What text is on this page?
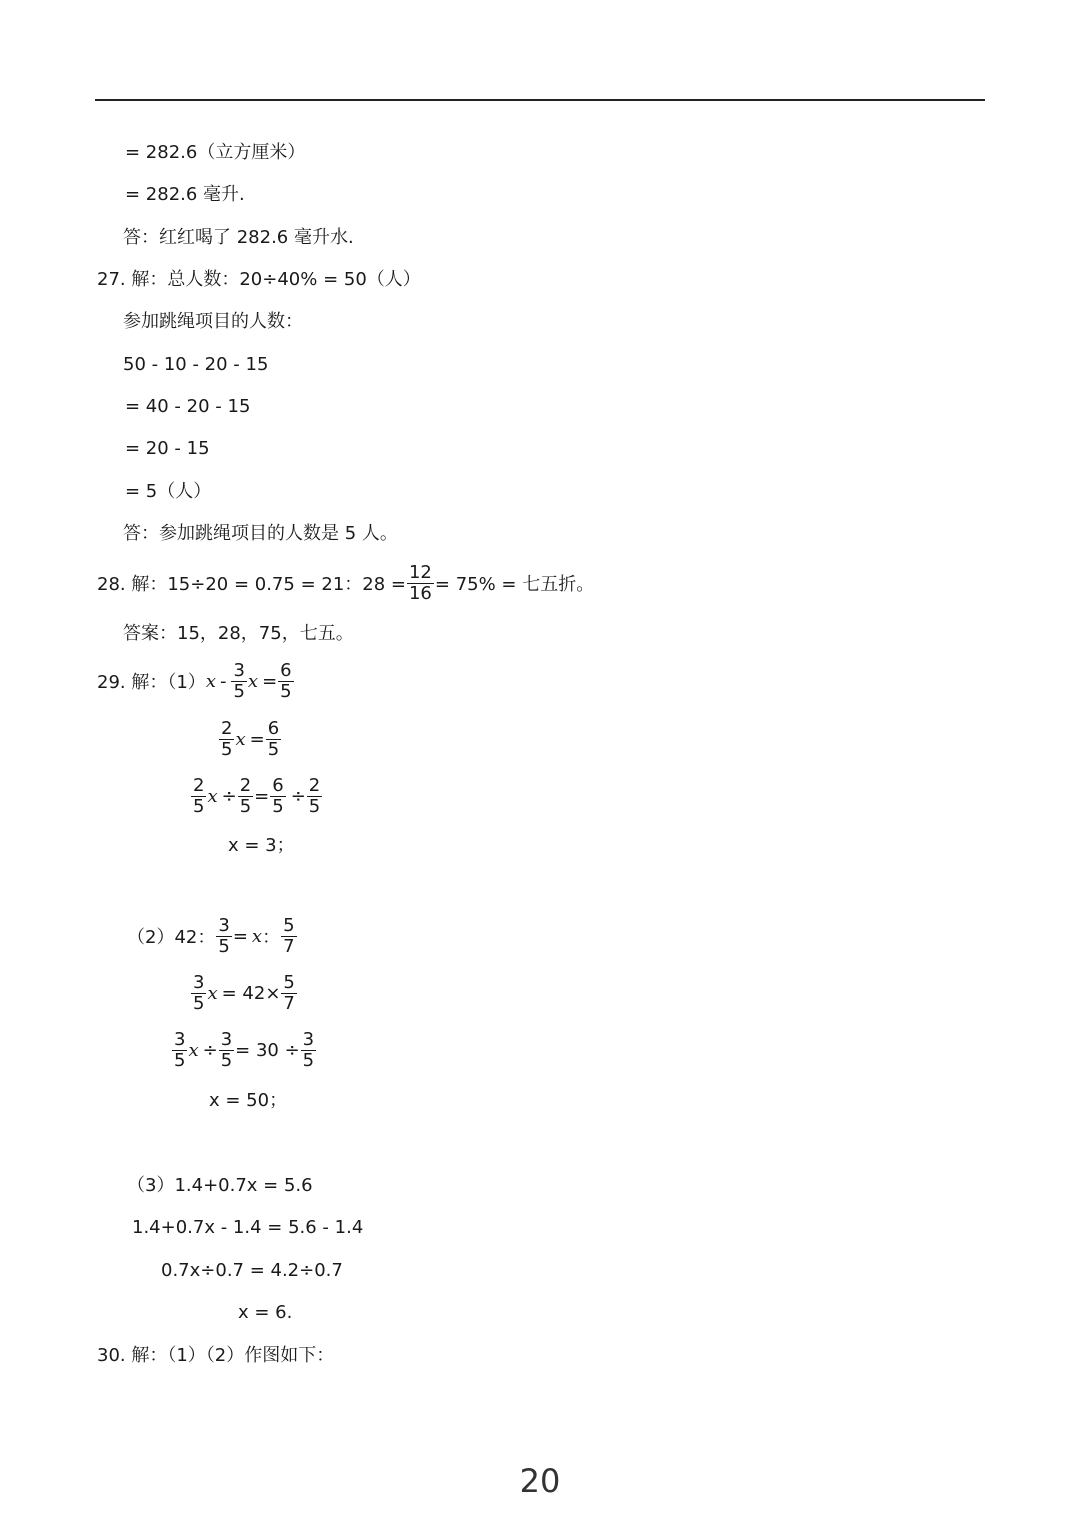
= 282.6（立方厘米）
= 282.6 毫升.
答：红红喝了 282.6 毫升水.
27. 解：总人数：20÷40% = 50（人）
参加跳绳项目的人数：
50 - 10 - 20 - 15
= 40 - 20 - 15
= 20 - 15
= 5（人）
答：参加跳绳项目的人数是 5 人。
28. 解：15÷20 = 0.75 = 21：$28 = \frac{12}{16} = 75\%$ = 七五折。
答案：15，28，75，七五。
29. 解：（1） x - $\frac{3}{5}$ $x = \frac{6}{5}$
$\frac{2}{5}$ $x = \frac{6}{5}$
$\frac{2}{5}$ $x \div \frac{2}{5} = \frac{6}{5} \div \frac{2}{5}$
x = 3；
（2）42： $\frac{3}{5} = x$ ： $\frac{5}{7}$
$\frac{3}{5}$ $x = 42\times \frac{5}{7}$
$\frac{3}{5}$ $x \div \frac{3}{5} = 30 \div \frac{3}{5}$
x = 50；
（3）1.4+0.7x = 5.6
1.4+0.7x - 1.4 = 5.6 - 1.4
0.7x÷0.7 = 4.2÷0.7
x = 6.
30. 解：（1）（2）作图如下：
20
